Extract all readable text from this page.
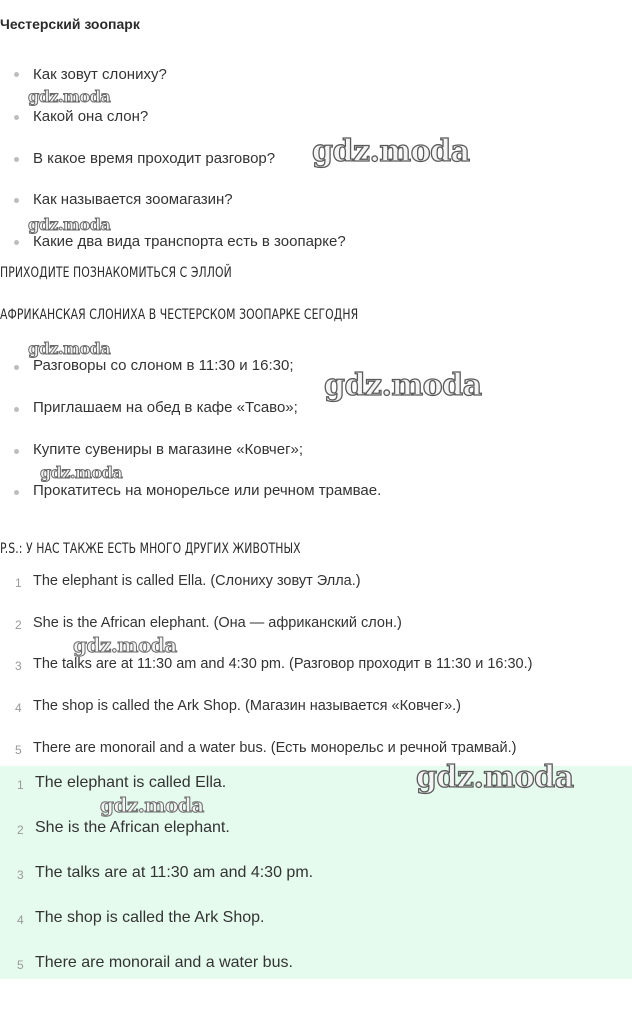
Честерский зоопарк
Как зовут слониху?
Какой она слон?
В какое время проходит разговор?
Как называется зоомагазин?
Какие два вида транспорта есть в зоопарке?
ПРИХОДИТЕ ПОЗНАКОМИТЬСЯ С ЭЛЛОЙ
АФРИКАНСКАЯ СЛОНИХА В ЧЕСТЕРСКОМ ЗООПАРКЕ СЕГОДНЯ
Разговоры со слоном в 11:30 и 16:30;
Приглашаем на обед в кафе «Тсаво»;
Купите сувениры в магазине «Ковчег»;
Прокатитесь на монорельсе или речном трамвае.
P.S.: У НАС ТАКЖЕ ЕСТЬ МНОГО ДРУГИХ ЖИВОТНЫХ
1 The elephant is called Ella. (Слониху зовут Элла.)
2 She is the African elephant. (Она — африканский слон.)
3 The talks are at 11:30 am and 4:30 pm. (Разговор проходит в 11:30 и 16:30.)
4 The shop is called the Ark Shop. (Магазин называется «Ковчег».)
5 There are monorail and a water bus. (Есть монорельс и речной трамвай.)
1 The elephant is called Ella.
2 She is the African elephant.
3 The talks are at 11:30 am and 4:30 pm.
4 The shop is called the Ark Shop.
5 There are monorail and a water bus.
gdz.moda
gdz.moda
gdz.moda
gdz.moda
gdz.moda
gdz.moda
gdz.moda
gdz.moda
gdz.moda
